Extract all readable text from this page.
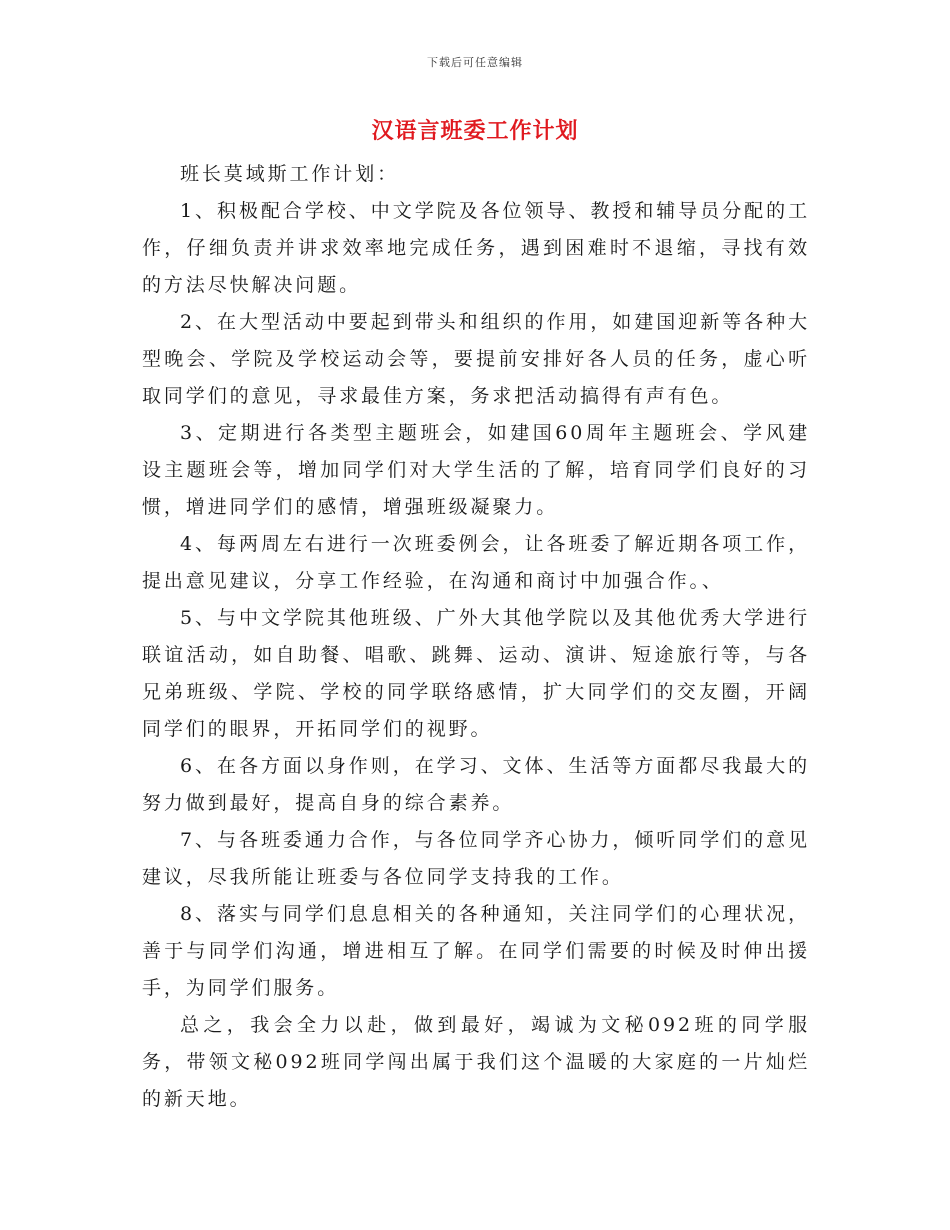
下载后可任意编辑
汉语言班委工作计划

班长莫域斯工作计划：

1、积极配合学校、中文学院及各位领导、教授和辅导员分配的工作，仔细负责并讲求效率地完成任务，遇到困难时不退缩，寻找有效的方法尽快解决问题。

2、在大型活动中要起到带头和组织的作用，如建国迎新等各种大型晚会、学院及学校运动会等，要提前安排好各人员的任务，虚心听取同学们的意见，寻求最佳方案，务求把活动搞得有声有色。

3、定期进行各类型主题班会，如建国60周年主题班会、学风建设主题班会等，增加同学们对大学生活的了解，培育同学们良好的习惯，增进同学们的感情，增强班级凝聚力。

4、每两周左右进行一次班委例会，让各班委了解近期各项工作，提出意见建议，分享工作经验，在沟通和商讨中加强合作。、

5、与中文学院其他班级、广外大其他学院以及其他优秀大学进行联谊活动，如自助餐、唱歌、跳舞、运动、演讲、短途旅行等，与各兄弟班级、学院、学校的同学联络感情，扩大同学们的交友圈，开阔同学们的眼界，开拓同学们的视野。

6、在各方面以身作则，在学习、文体、生活等方面都尽我最大的努力做到最好，提高自身的综合素养。

7、与各班委通力合作，与各位同学齐心协力，倾听同学们的意见建议，尽我所能让班委与各位同学支持我的工作。

8、落实与同学们息息相关的各种通知，关注同学们的心理状况，善于与同学们沟通，增进相互了解。在同学们需要的时候及时伸出援手，为同学们服务。

总之，我会全力以赴，做到最好，竭诚为文秘092班的同学服务，带领文秘092班同学闯出属于我们这个温暖的大家庭的一片灿烂的新天地。
